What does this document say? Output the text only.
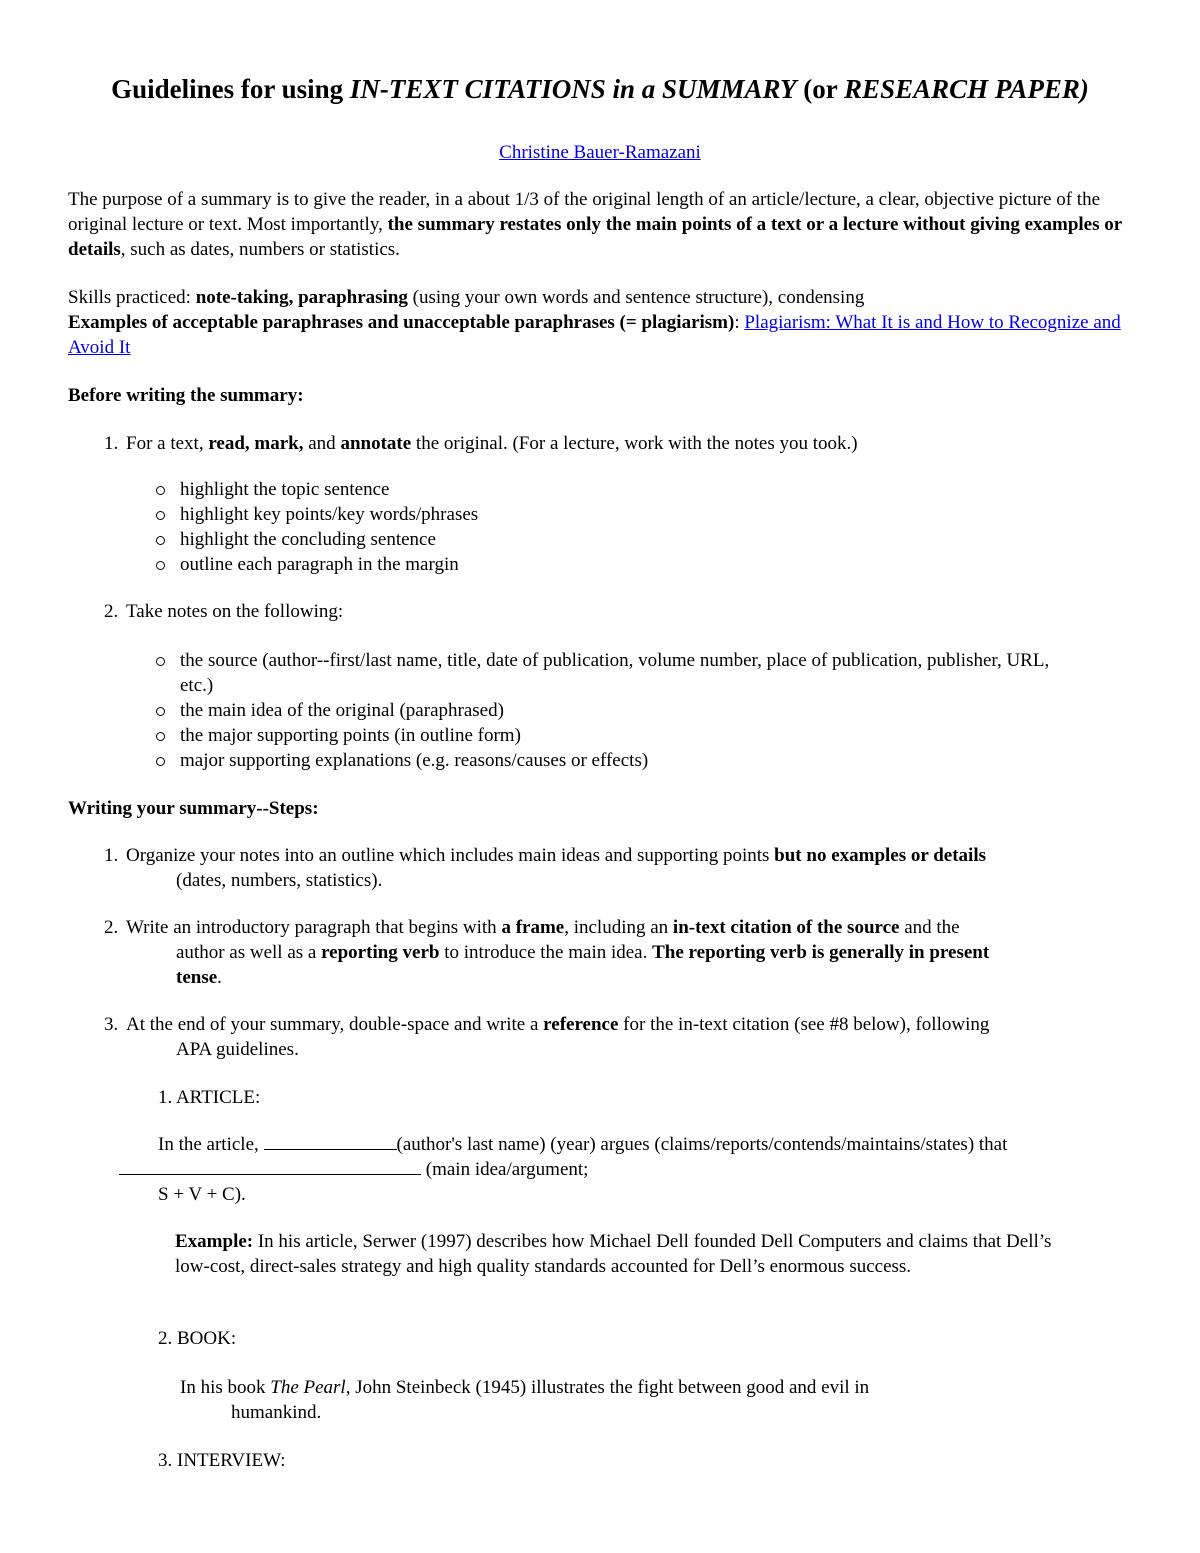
Guidelines for using IN-TEXT CITATIONS in a SUMMARY (or RESEARCH PAPER)
Christine Bauer-Ramazani
The purpose of a summary is to give the reader, in a about 1/3 of the original length of an article/lecture, a clear, objective picture of the original lecture or text. Most importantly, the summary restates only the main points of a text or a lecture without giving examples or details, such as dates, numbers or statistics.
Skills practiced: note-taking, paraphrasing (using your own words and sentence structure), condensing
Examples of acceptable paraphrases and unacceptable paraphrases (= plagiarism): Plagiarism: What It is and How to Recognize and Avoid It
Before writing the summary:
1. For a text, read, mark, and annotate the original. (For a lecture, work with the notes you took.)
highlight the topic sentence
highlight key points/key words/phrases
highlight the concluding sentence
outline each paragraph in the margin
2. Take notes on the following:
the source (author--first/last name, title, date of publication, volume number, place of publication, publisher, URL, etc.)
the main idea of the original (paraphrased)
the major supporting points (in outline form)
major supporting explanations (e.g. reasons/causes or effects)
Writing your summary--Steps:
1. Organize your notes into an outline which includes main ideas and supporting points but no examples or details
(dates, numbers, statistics).
2. Write an introductory paragraph that begins with a frame, including an in-text citation of the source and the
author as well as a reporting verb to introduce the main idea. The reporting verb is generally in present
tense.
3. At the end of your summary, double-space and write a reference for the in-text citation (see #8 below), following
APA guidelines.
1. ARTICLE:
In the article,	(author's last name) (year) argues (claims/reports/contends/maintains/states) that
(main idea/argument;
S + V + C).
Example: In his article, Serwer (1997) describes how Michael Dell founded Dell Computers and claims that Dell’s low-cost, direct-sales strategy and high quality standards accounted for Dell’s enormous success.
2. BOOK:
In his book The Pearl, John Steinbeck (1945) illustrates the fight between good and evil in
humankind.
3. INTERVIEW:
